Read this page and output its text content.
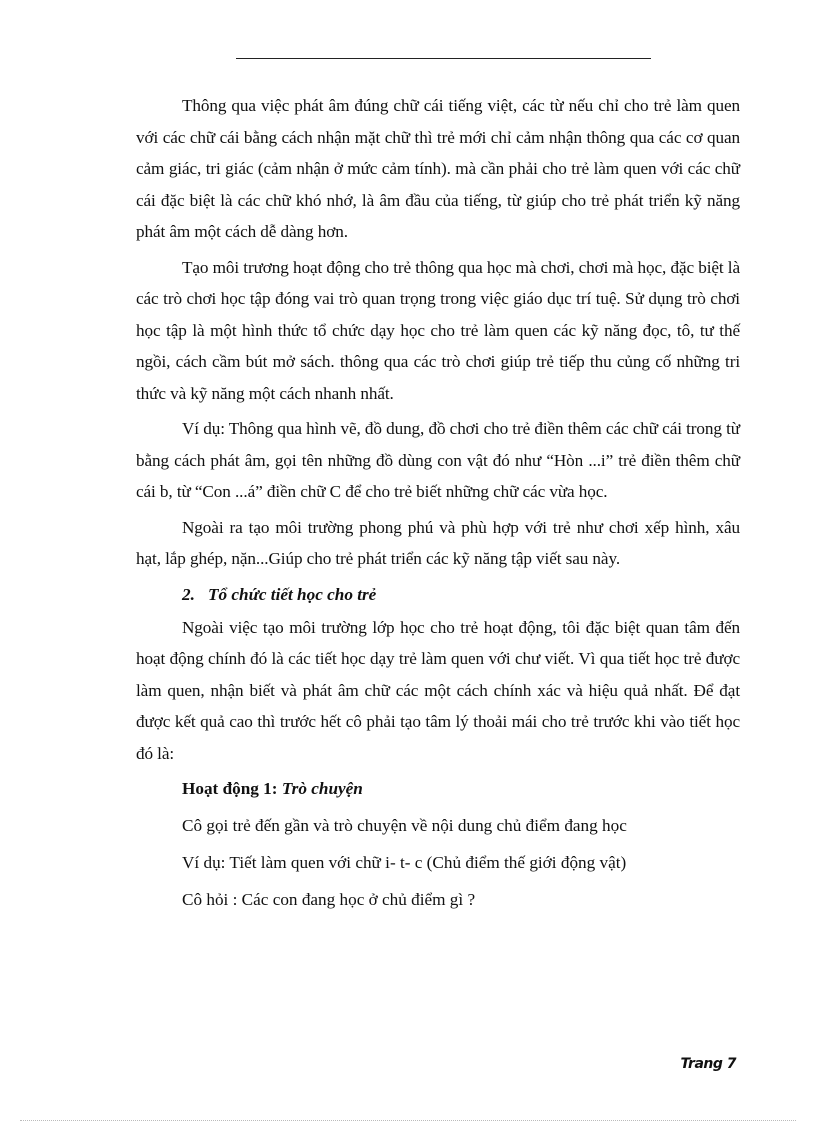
Thông qua việc phát âm đúng chữ cái tiếng việt, các từ nếu chỉ cho trẻ làm quen với các chữ cái bằng cách nhận mặt chữ thì trẻ mới chỉ cảm nhận thông qua các cơ quan cảm giác, tri giác (cảm nhận ở mức cảm tính). mà cần phải cho trẻ làm quen với các chữ cái đặc biệt là các chữ khó nhớ, là âm đầu của tiếng, từ giúp cho trẻ phát triển kỹ năng phát âm một cách dễ dàng hơn.

Tạo môi trương hoạt động cho trẻ thông qua học mà chơi, chơi mà học, đặc biệt là các trò chơi học tập đóng vai trò quan trọng trong việc giáo dục trí tuệ. Sử dụng trò chơi học tập là một hình thức tổ chức dạy học cho trẻ làm quen các kỹ năng đọc, tô, tư thế ngồi, cách cầm bút mở sách. thông qua các trò chơi giúp trẻ tiếp thu củng cố những tri thức và kỹ năng một cách nhanh nhất.

Ví dụ: Thông qua hình vẽ, đồ dung, đồ chơi cho trẻ điền thêm các chữ cái trong từ bằng cách phát âm, gọi tên những đồ dùng con vật đó như “Hòn ...i” trẻ điền thêm chữ cái b, từ “Con ...á” điền chữ C để cho trẻ biết những chữ các vừa học.

Ngoài ra tạo môi trường phong phú và phù hợp với trẻ như chơi xếp hình, xâu hạt, lắp ghép, nặn...Giúp cho trẻ phát triển các kỹ năng tập viết sau này.

2. Tổ chức tiết học cho trẻ

Ngoài việc tạo môi trường lớp học cho trẻ hoạt động, tôi đặc biệt quan tâm đến hoạt động chính đó là các tiết học dạy trẻ làm quen với chư viết. Vì qua tiết học trẻ được làm quen, nhận biết và phát âm chữ các một cách chính xác và hiệu quả nhất. Để đạt được kết quả cao thì trước hết cô phải tạo tâm lý thoải mái cho trẻ trước khi vào tiết học đó là:

Hoạt động 1: Trò chuyện
Cô gọi trẻ đến gần và trò chuyện về nội dung chủ điểm đang học
Ví dụ: Tiết làm quen với chữ i- t- c (Chủ điểm thế giới động vật)
Cô hỏi : Các con đang học ở chủ điểm gì ?
Trang 7
